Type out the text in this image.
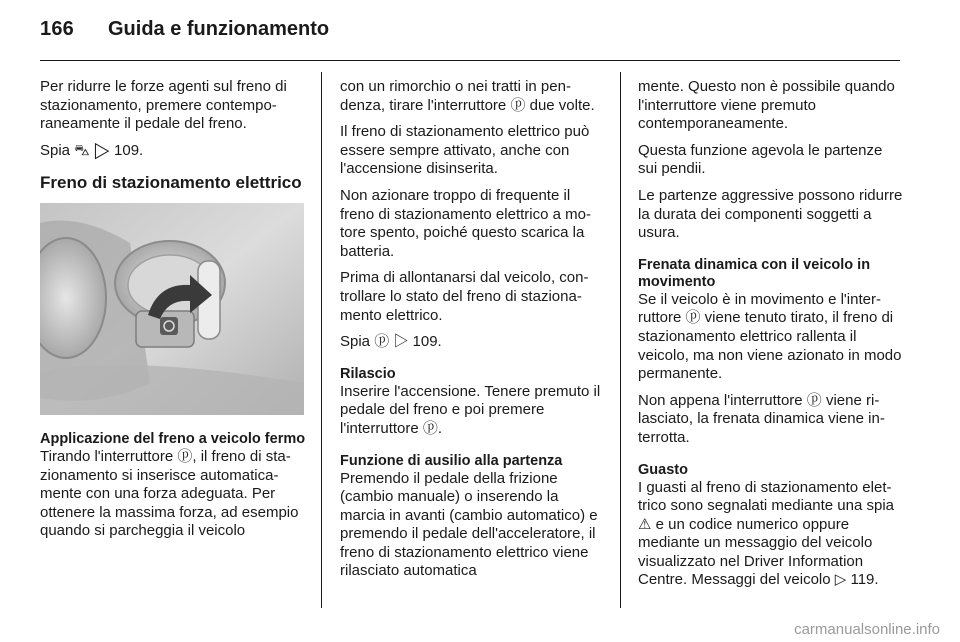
166 Guida e funzionamento

Per ridurre le forze agenti sul freno di stazionamento, premere contemporaneamente il pedale del freno.

Spia ⛍ ▷ 109.

Freno di stazionamento elettrico
Applicazione del freno a veicolo fermo

Tirando l'interruttore ⓟ, il freno di stazionamento si inserisce automaticamente con una forza adeguata. Per ottenere la massima forza, ad esempio quando si parcheggia il veicolo

con un rimorchio o nei tratti in pendenza, tirare l'interruttore ⓟ due volte.

Il freno di stazionamento elettrico può essere sempre attivato, anche con l'accensione disinserita.

Non azionare troppo di frequente il freno di stazionamento elettrico a motore spento, poiché questo scarica la batteria.

Prima di allontanarsi dal veicolo, controllare lo stato del freno di stazionamento elettrico.

Spia ⓟ ▷ 109.

Rilascio

Inserire l'accensione. Tenere premuto il pedale del freno e poi premere l'interruttore ⓟ.

Funzione di ausilio alla partenza

Premendo il pedale della frizione (cambio manuale) o inserendo la marcia in avanti (cambio automatico) e premendo il pedale dell'acceleratore, il freno di stazionamento elettrico viene rilasciato automatica

mente. Questo non è possibile quando l'interruttore viene premuto contemporaneamente.

Questa funzione agevola le partenze sui pendii.

Le partenze aggressive possono ridurre la durata dei componenti soggetti a usura.

Frenata dinamica con il veicolo in movimento

Se il veicolo è in movimento e l'interruttore ⓟ viene tenuto tirato, il freno di stazionamento elettrico rallenta il veicolo, ma non viene azionato in modo permanente.

Non appena l'interruttore ⓟ viene rilasciato, la frenata dinamica viene interrotta.

Guasto

I guasti al freno di stazionamento elettrico sono segnalati mediante una spia ⚠ e un codice numerico oppure mediante un messaggio del veicolo visualizzato nel Driver Information Centre. Messaggi del veicolo ▷ 119.

carmanualsonline.info
